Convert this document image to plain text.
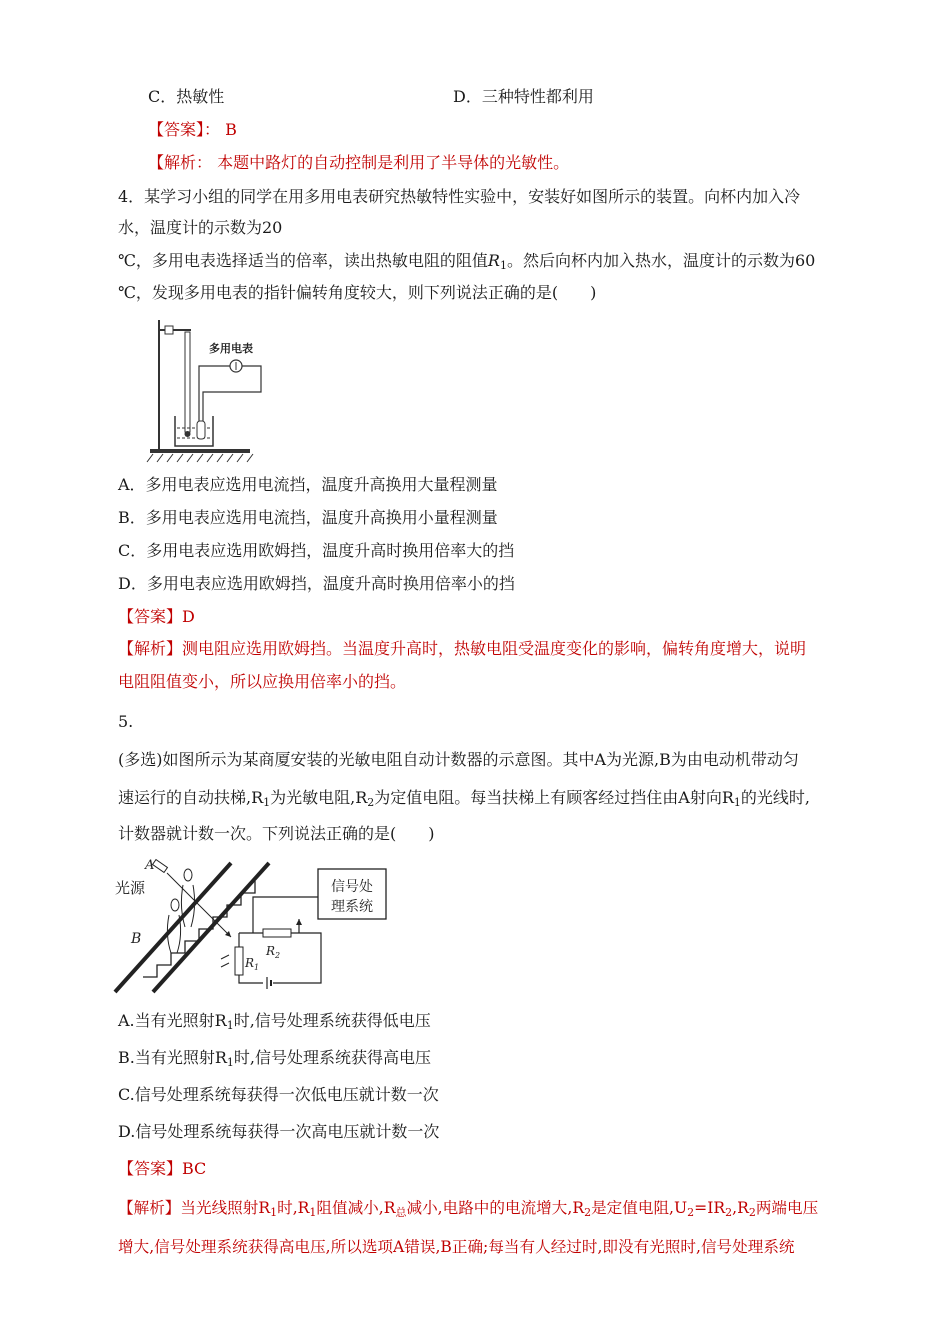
C．热敏性	D．三种特性都利用
【答案】： B
【解析： 本题中路灯的自动控制是利用了半导体的光敏性。
4．某学习小组的同学在用多用电表研究热敏特性实验中，安装好如图所示的装置。向杯内加入冷
水，温度计的示数为20
℃，多用电表选择适当的倍率，读出热敏电阻的阻值$R_1$。然后向杯内加入热水，温度计的示数为60
℃，发现多用电表的指针偏转角度较大，则下列说法正确的是(　　)
多用电表
A．多用电表应选用电流挡，温度升高换用大量程测量
B．多用电表应选用电流挡，温度升高换用小量程测量
C．多用电表应选用欧姆挡，温度升高时换用倍率大的挡
D．多用电表应选用欧姆挡，温度升高时换用倍率小的挡
【答案】D
【解析】测电阻应选用欧姆挡。当温度升高时，热敏电阻受温度变化的影响，偏转角度增大，说明
电阻阻值变小，所以应换用倍率小的挡。
5.
(多选)如图所示为某商厦安装的光敏电阻自动计数器的示意图。其中A为光源,B为由电动机带动匀
速运行的自动扶梯$,R_1$为光敏电阻$,R_2$为定值电阻。每当扶梯上有顾客经过挡住由A射向$R_1$的光线时,
计数器就计数一次。下列说法正确的是(　　)
A
光源
B
信号处
理系统
$R_2$
$R_1$
A.当有光照射$R_1$时,信号处理系统获得低电压
B.当有光照射$R_1$时,信号处理系统获得高电压
C.信号处理系统每获得一次低电压就计数一次
D.信号处理系统每获得一次高电压就计数一次
【答案】BC
【解析】当光线照射$R_1$时$,R_1$阻值减小$,R_总$减小,电路中的电流增大$,R_2$是定值电阻$,U_2=IR_2,R_2$两端电压
增大,信号处理系统获得高电压,所以选项A错误,B正确;每当有人经过时,即没有光照时,信号处理系统
